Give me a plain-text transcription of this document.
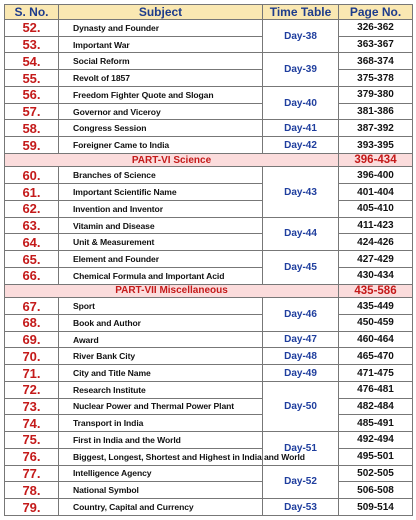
S. No.	Subject	Time Table	Page No.
52.	Dynasty and Founder	Day-38	326-362
53.	Important War		363-367
54.	Social Reform	Day-39	368-374
55.	Revolt of 1857		375-378
56.	Freedom Fighter Quote and Slogan	Day-40	379-380
57.	Governor and Viceroy		381-386
58.	Congress Session	Day-41	387-392
59.	Foreigner Came to India	Day-42	393-395
PART-VI Science			396-434
60.	Branches of Science	Day-43	396-400
61.	Important Scientific Name		401-404
62.	Invention and Inventor		405-410
63.	Vitamin and Disease	Day-44	411-423
64.	Unit & Measurement		424-426
65.	Element and Founder	Day-45	427-429
66.	Chemical Formula and Important Acid		430-434
PART-VII Miscellaneous			435-586
67.	Sport	Day-46	435-449
68.	Book and Author		450-459
69.	Award	Day-47	460-464
70.	River Bank City	Day-48	465-470
71.	City and Title Name	Day-49	471-475
72.	Research Institute	Day-50	476-481
73.	Nuclear Power and Thermal Power Plant		482-484
74.	Transport in India		485-491
75.	First in India and the World	Day-51	492-494
76.	Biggest, Longest, Shortest and Highest in India and World		495-501
77.	Intelligence Agency	Day-52	502-505
78.	National Symbol		506-508
79.	Country, Capital and Currency	Day-53	509-514
